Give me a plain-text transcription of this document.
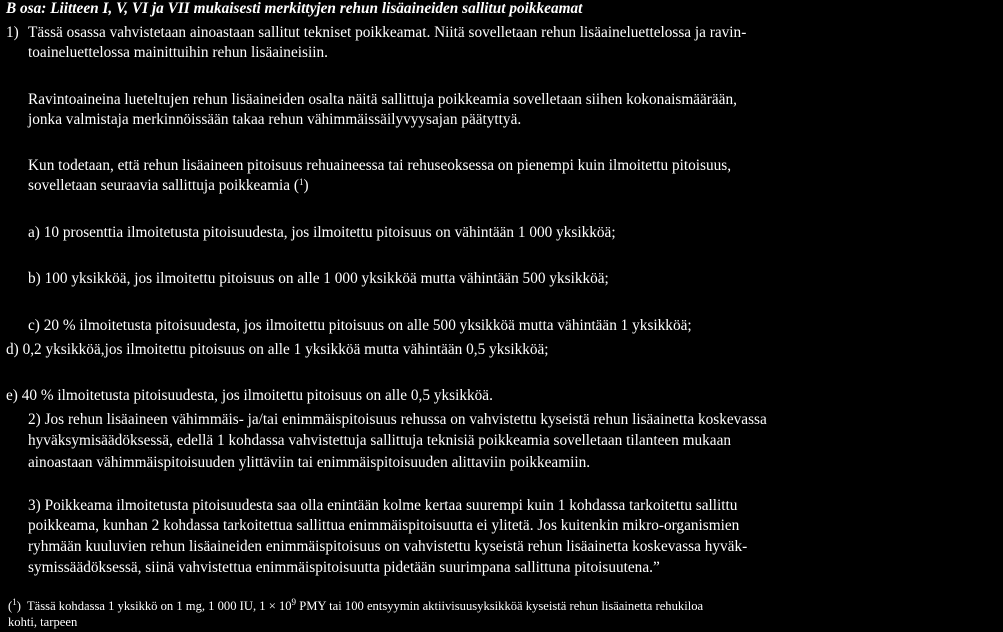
B osa: Liitteen I, V, VI ja VII mukaisesti merkittyjen rehun lisäaineiden sallitut poikkeamat
1) Tässä osassa vahvistetaan ainoastaan sallitut tekniset poikkeamat. Niitä sovelletaan rehun lisäaineluettelossa ja ravin-
toaineluettelossa mainittuihin rehun lisäaineisiin.
Ravintoaineina lueteltujen rehun lisäaineiden osalta näitä sallittuja poikkeamia sovelletaan siihen kokonaismäärään,
jonka valmistaja merkinnöissään takaa rehun vähimmäissäilyvyysajan päätyttyä.
Kun todetaan, että rehun lisäaineen pitoisuus rehuaineessa tai rehuseoksessa on pienempi kuin ilmoitettu pitoisuus,
sovelletaan seuraavia sallittuja poikkeamia ($^1$)
a) 10 prosenttia ilmoitetusta pitoisuudesta, jos ilmoitettu pitoisuus on vähintään 1 000 yksikköä;
b) 100 yksikköä, jos ilmoitettu pitoisuus on alle 1 000 yksikköä mutta vähintään 500 yksikköä;
c) 20 % ilmoitetusta pitoisuudesta, jos ilmoitettu pitoisuus on alle 500 yksikköä mutta vähintään 1 yksikköä;
d) 0,2 yksikköä,jos ilmoitettu pitoisuus on alle 1 yksikköä mutta vähintään 0,5 yksikköä;
e) 40 % ilmoitetusta pitoisuudesta, jos ilmoitettu pitoisuus on alle 0,5 yksikköä.
2) Jos rehun lisäaineen vähimmäis- ja/tai enimmäispitoisuus rehussa on vahvistettu kyseistä rehun lisäainetta koskevassa
hyväksymisäädöksessä, edellä 1 kohdassa vahvistettuja sallittuja teknisiä poikkeamia sovelletaan tilanteen mukaan
ainoastaan vähimmäispitoisuuden ylittäviin tai enimmäispitoisuuden alittaviin poikkeamiin.
3) Poikkeama ilmoitetusta pitoisuudesta saa olla enintään kolme kertaa suurempi kuin 1 kohdassa tarkoitettu sallittu
poikkeama, kunhan 2 kohdassa tarkoitettua sallittua enimmäispitoisuutta ei ylitetä. Jos kuitenkin mikro-organismien
ryhmään kuuluvien rehun lisäaineiden enimmäispitoisuus on vahvistettu kyseistä rehun lisäainetta koskevassa hyväk-
symissäädöksessä, siinä vahvistettua enimmäispitoisuutta pidetään suurimpana sallittuna pitoisuutena.”
($^1$) Tässä kohdassa 1 yksikkö on 1 mg, 1 000 IU, $1 \times 10^9$ PMY tai 100 entsyymin aktiivisuusyksikköä kyseistä rehun lisäainetta rehukiloa
kohti, tarpeen
